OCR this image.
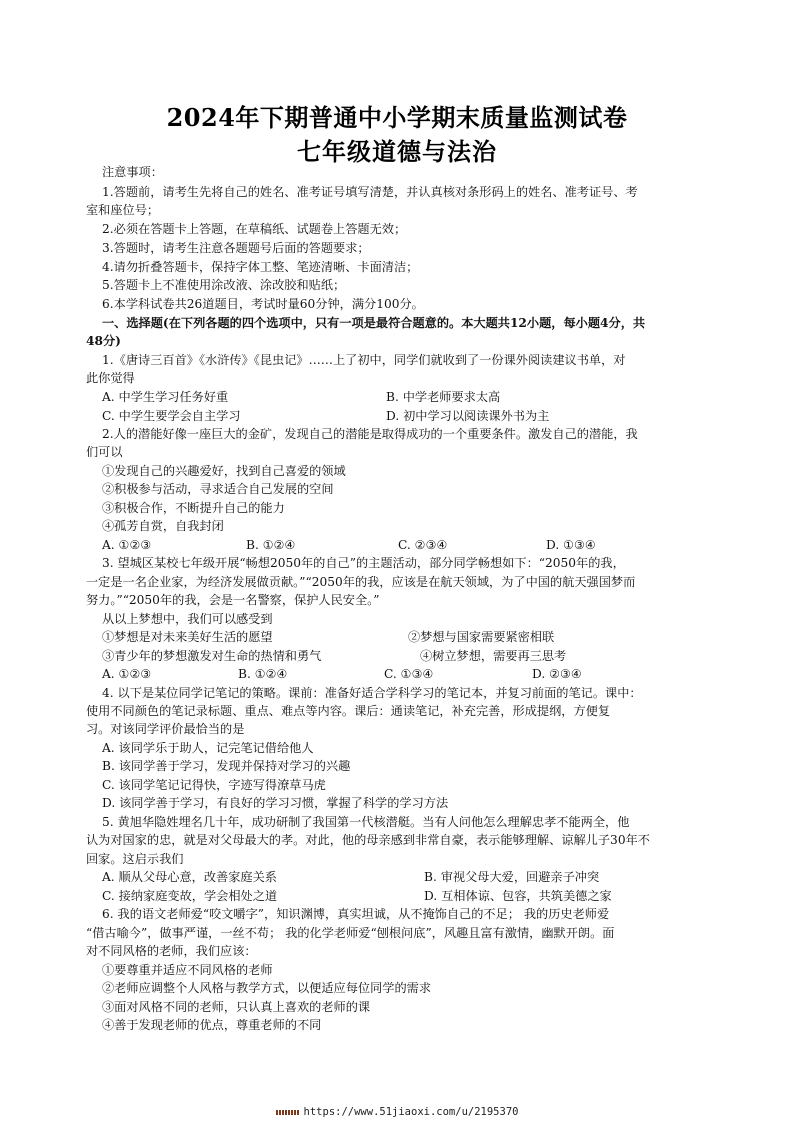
2024年下期普通中小学期末质量监测试卷
七年级道德与法治
注意事项：
1.答题前，请考生先将自己的姓名、准考证号填写清楚，并认真核对条形码上的姓名、准考证号、考
室和座位号；
2.必须在答题卡上答题，在草稿纸、试题卷上答题无效；
3.答题时，请考生注意各题题号后面的答题要求；
4.请勿折叠答题卡，保持字体工整、笔迹清晰、卡面清洁；
5.答题卡上不准使用涂改液、涂改胶和贴纸；
6.本学科试卷共26道题目，考试时量60分钟，满分100分。
一、选择题(在下列各题的四个选项中，只有一项是最符合题意的。本大题共12小题，每小题4分，共
48分)
1.《唐诗三百首》《水浒传》《昆虫记》……上了初中，同学们就收到了一份课外阅读建议书单，对
此你觉得
A. 中学生学习任务好重	B. 中学老师要求太高
C. 中学生要学会自主学习	D. 初中学习以阅读课外书为主
2.人的潜能好像一座巨大的金矿，发现自己的潜能是取得成功的一个重要条件。激发自己的潜能，我
们可以
①发现自己的兴趣爱好，找到自己喜爱的领域
②积极参与活动，寻求适合自己发展的空间
③积极合作，不断提升自己的能力
④孤芳自赏，自我封闭
A. ①②③	B. ①②④	C. ②③④	D. ①③④
3. 望城区某校七年级开展“畅想2050年的自己”的主题活动，部分同学畅想如下：“2050年的我，
一定是一名企业家，为经济发展做贡献。”“2050年的我，应该是在航天领域，为了中国的航天强国梦而
努力。”“2050年的我，会是一名警察，保护人民安全。”
从以上梦想中，我们可以感受到
①梦想是对未来美好生活的愿望	②梦想与国家需要紧密相联
③青少年的梦想激发对生命的热情和勇气	④树立梦想，需要再三思考
A. ①②③	B. ①②④	C. ①③④	D. ②③④
4. 以下是某位同学记笔记的策略。课前：准备好适合学科学习的笔记本，并复习前面的笔记。课中：
使用不同颜色的笔记录标题、重点、难点等内容。课后：通读笔记，补充完善，形成提纲，方便复
习。对该同学评价最恰当的是
A. 该同学乐于助人，记完笔记借给他人
B. 该同学善于学习，发现并保持对学习的兴趣
C. 该同学笔记记得快，字迹写得潦草马虎
D. 该同学善于学习，有良好的学习习惯，掌握了科学的学习方法
5. 黄旭华隐姓埋名几十年，成功研制了我国第一代核潜艇。当有人问他怎么理解忠孝不能两全，他
认为对国家的忠，就是对父母最大的孝。对此，他的母亲感到非常自豪，表示能够理解、谅解儿子30年不
回家。这启示我们
A. 顺从父母心意，改善家庭关系	B. 审视父母大爱，回避亲子冲突
C. 接纳家庭变故，学会相处之道	D. 互相体谅、包容，共筑美德之家
6. 我的语文老师爱“咬文嚼字”，知识渊博，真实坦诚，从不掩饰自己的不足； 我的历史老师爱
“借古喻今”，做事严谨，一丝不苟； 我的化学老师爱“刨根问底”，风趣且富有激情，幽默开朗。面
对不同风格的老师，我们应该：
①要尊重并适应不同风格的老师
②老师应调整个人风格与教学方式，以便适应每位同学的需求
③面对风格不同的老师，只认真上喜欢的老师的课
④善于发现老师的优点，尊重老师的不同
https://www.51jiaoxi.com/u/2195370
